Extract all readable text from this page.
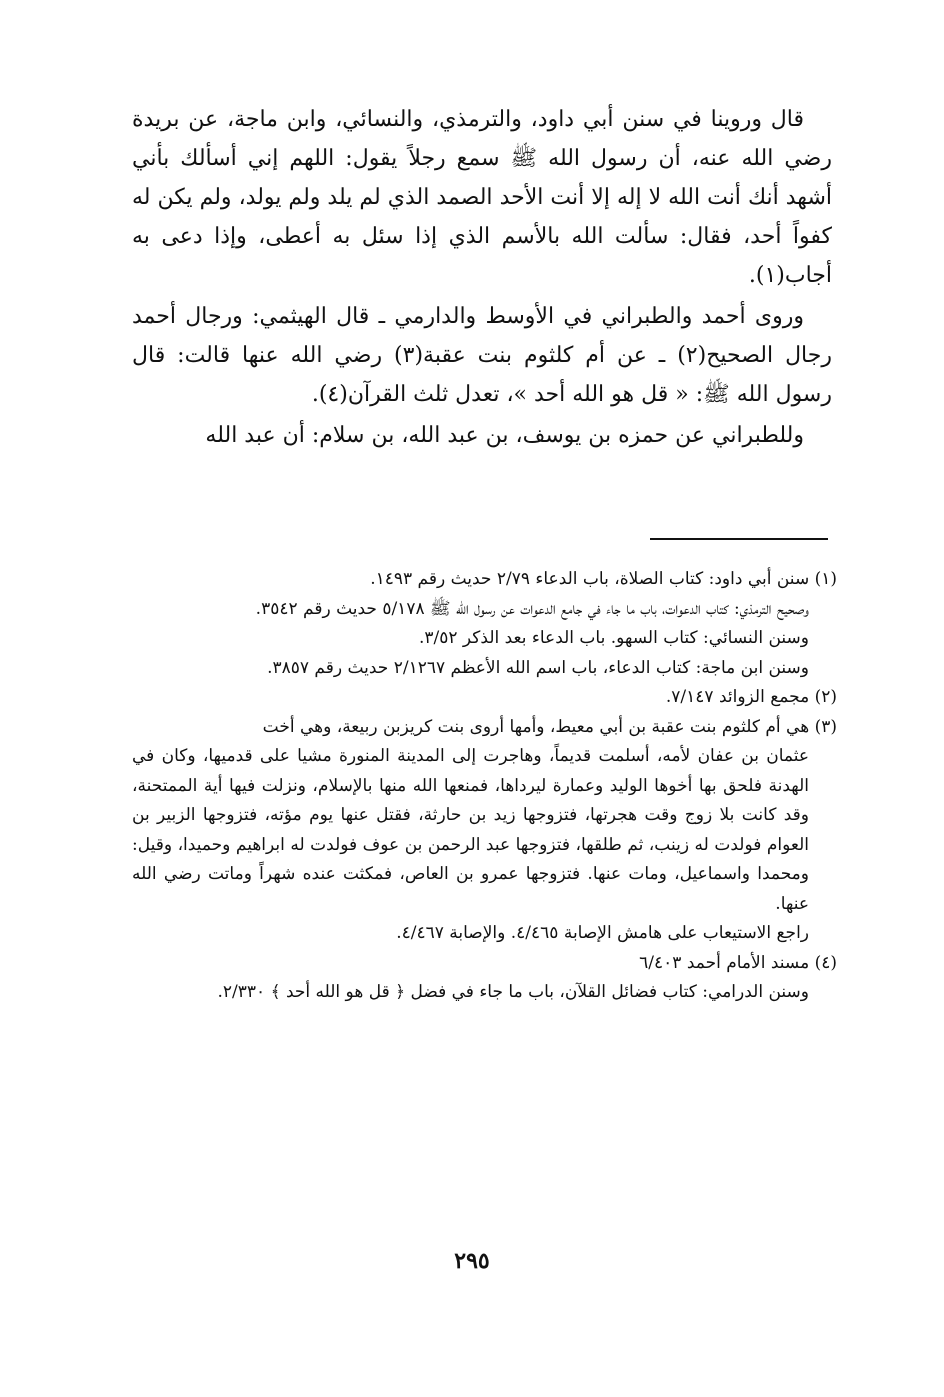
قال وروينا في سنن أبي داود، والترمذي، والنسائي، وابن ماجة، عن بريدة رضي الله عنه، أن رسول الله ﷺ سمع رجلاً يقول: اللهم إني أسألك بأني أشهد أنك أنت الله لا إله إلا أنت الأحد الصمد الذي لم يلد ولم يولد، ولم يكن له كفواً أحد، فقال: سألت الله بالأسم الذي إذا سئل به أعطى، وإذا دعى به أجاب(١).

وروى أحمد والطبراني في الأوسط والدارمي ـ قال الهيثمي: ورجال أحمد رجال الصحيح(٢) ـ عن أم كلثوم بنت عقبة(٣) رضي الله عنها قالت: قال رسول الله ﷺ: « قل هو الله أحد »، تعدل ثلث القرآن(٤).

وللطبراني عن حمزه بن يوسف، بن عبد الله، بن سلام: أن عبد الله

(١) سنن أبي داود: كتاب الصلاة، باب الدعاء ٢/٧٩ حديث رقم ١٤٩٣.

وصحيح الترمذي: كتاب الدعوات، باب ما جاء في جامع الدعوات عن رسول الله ﷺ ٥/١٧٨ حديث رقم ٣٥٤٢.

وسنن النسائي: كتاب السهو. باب الدعاء بعد الذكر ٣/٥٢.

وسنن ابن ماجة: كتاب الدعاء، باب اسم الله الأعظم ٢/١٢٦٧ حديث رقم ٣٨٥٧.

(٢) مجمع الزوائد ٧/١٤٧.

(٣) هي أم كلثوم بنت عقبة بن أبي معيط، وأمها أروى بنت كريزبن ربيعة، وهي أخت

عثمان بن عفان لأمه، أسلمت قديماً، وهاجرت إلى المدينة المنورة مشيا على قدميها، وكان في الهدنة فلحق بها أخوها الوليد وعمارة ليرداها، فمنعها الله منها بالإسلام، ونزلت فيها أية الممتحنة، وقد كانت بلا زوج وقت هجرتها، فتزوجها زيد بن حارثة، فقتل عنها يوم مؤته، فتزوجها الزبير بن العوام فولدت له زينب، ثم طلقها، فتزوجها عبد الرحمن بن عوف فولدت له ابراهيم وحميدا، وقيل: ومحمدا واسماعيل، ومات عنها. فتزوجها عمرو بن العاص، فمكثت عنده شهراً وماتت رضي الله عنها.

راجع الاستيعاب على هامش الإصابة ٤/٤٦٥. والإصابة ٤/٤٦٧.

(٤) مسند الأمام أحمد ٦/٤٠٣

وسنن الدرامي: كتاب فضائل القلآن، باب ما جاء في فضل ﴿ قل هو الله أحد ﴾ ٢/٣٣٠.

٢٩٥
